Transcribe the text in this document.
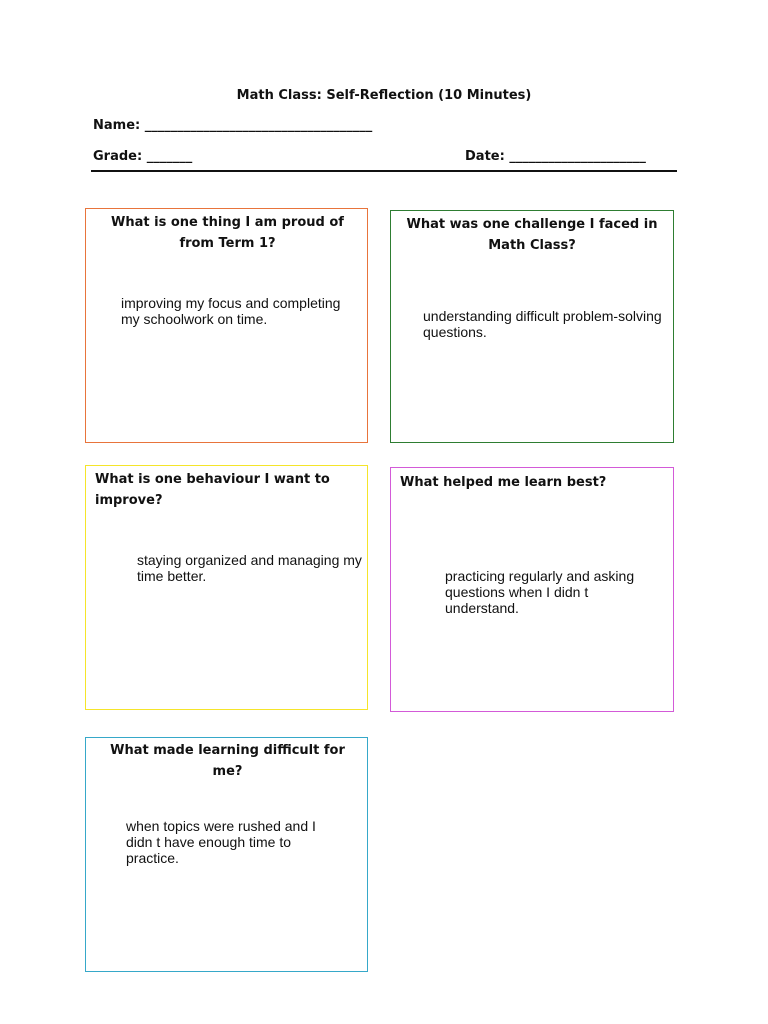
Math Class: Self-Reflection (10 Minutes)
Name: ___________________________________
Grade: _______	Date: _____________________
What is one thing I am proud of from Term 1?
improving my focus and completing my schoolwork on time.
What was one challenge I faced in Math Class?
understanding difficult problem-solving questions.
What is one behaviour I want to improve?
staying organized and managing my time better.
What helped me learn best?
practicing regularly and asking questions when I didn t understand.
What made learning difficult for me?
when topics were rushed and I didn t have enough time to practice.
